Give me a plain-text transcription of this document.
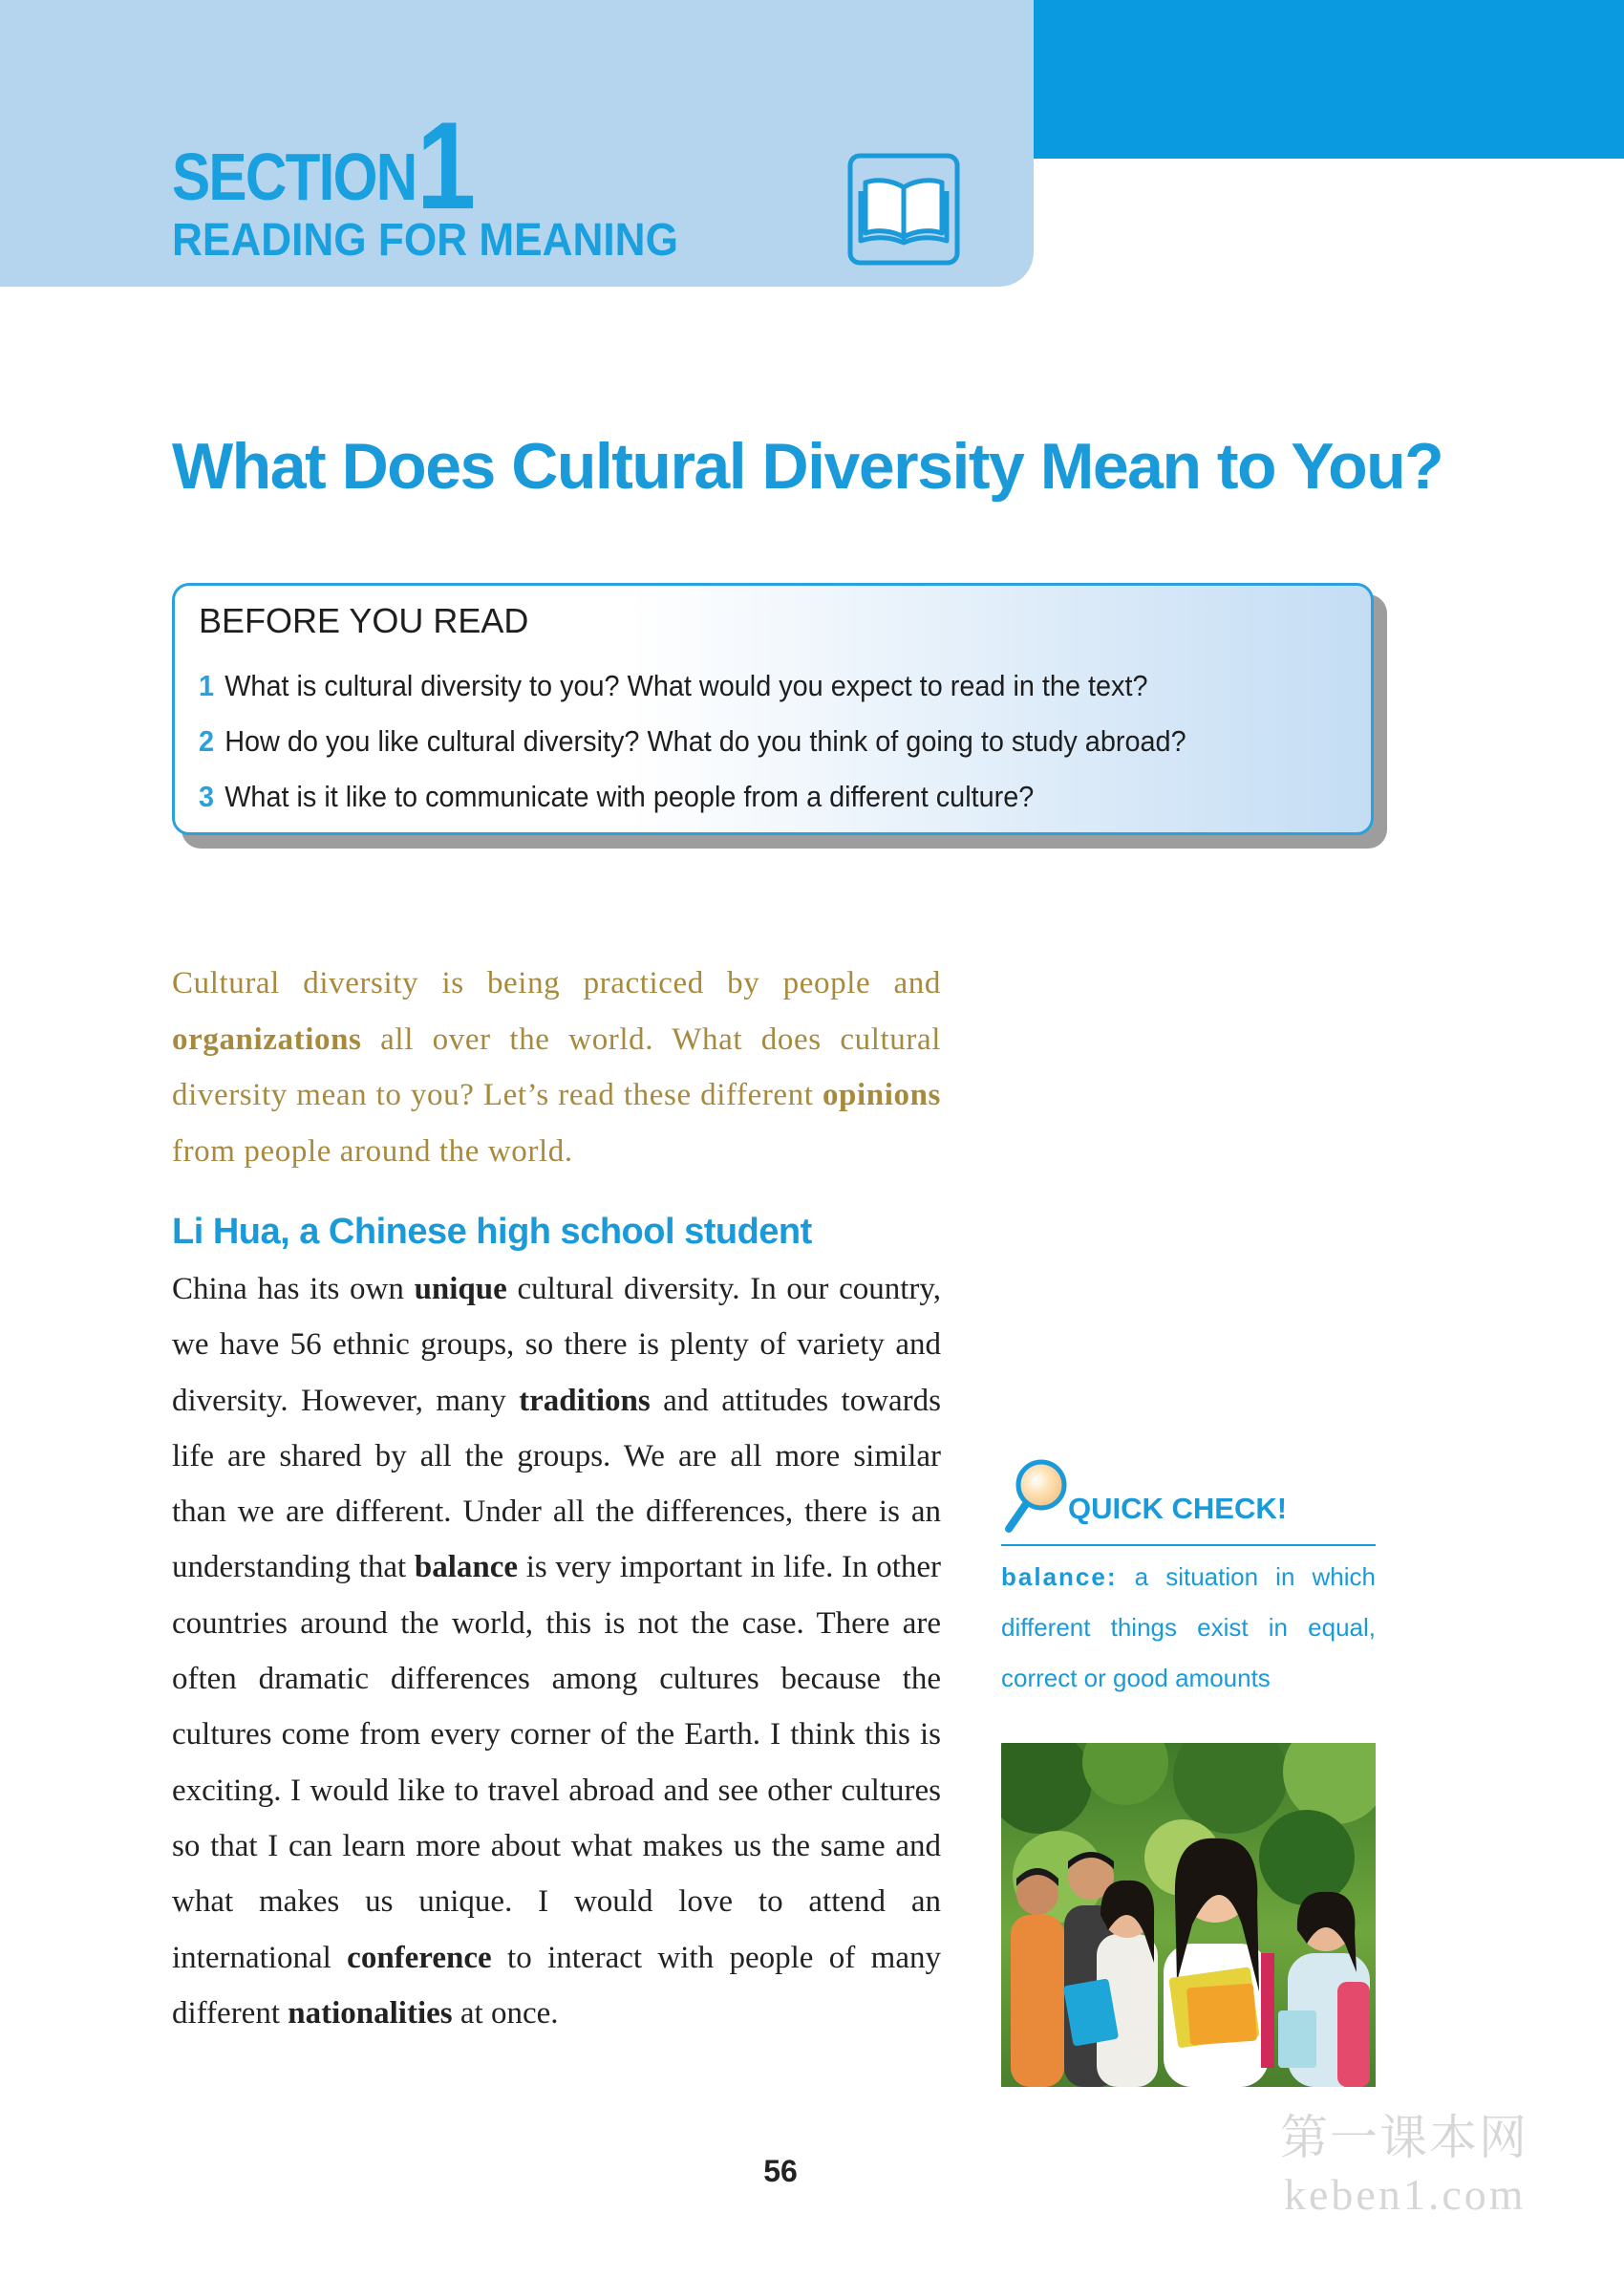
SECTION 1
READING FOR MEANING
What Does Cultural Diversity Mean to You?
BEFORE YOU READ
1 What is cultural diversity to you? What would you expect to read in the text?
2 How do you like cultural diversity? What do you think of going to study abroad?
3 What is it like to communicate with people from a different culture?

Cultural diversity is being practiced by people and organizations all over the world. What does cultural diversity mean to you? Let’s read these different opinions from people around the world.

Li Hua, a Chinese high school student

China has its own unique cultural diversity. In our country, we have 56 ethnic groups, so there is plenty of variety and diversity. However, many traditions and attitudes towards life are shared by all the groups. We are all more similar than we are different. Under all the differences, there is an understanding that balance is very important in life. In other countries around the world, this is not the case. There are often dramatic differences among cultures because the cultures come from every corner of the Earth. I think this is exciting. I would like to travel abroad and see other cultures so that I can learn more about what makes us the same and what makes us unique. I would love to attend an international conference to interact with people of many different nationalities at once.

QUICK CHECK!

balance: a situation in which different things exist in equal, correct or good amounts

56
第一课本网
keben1.com
